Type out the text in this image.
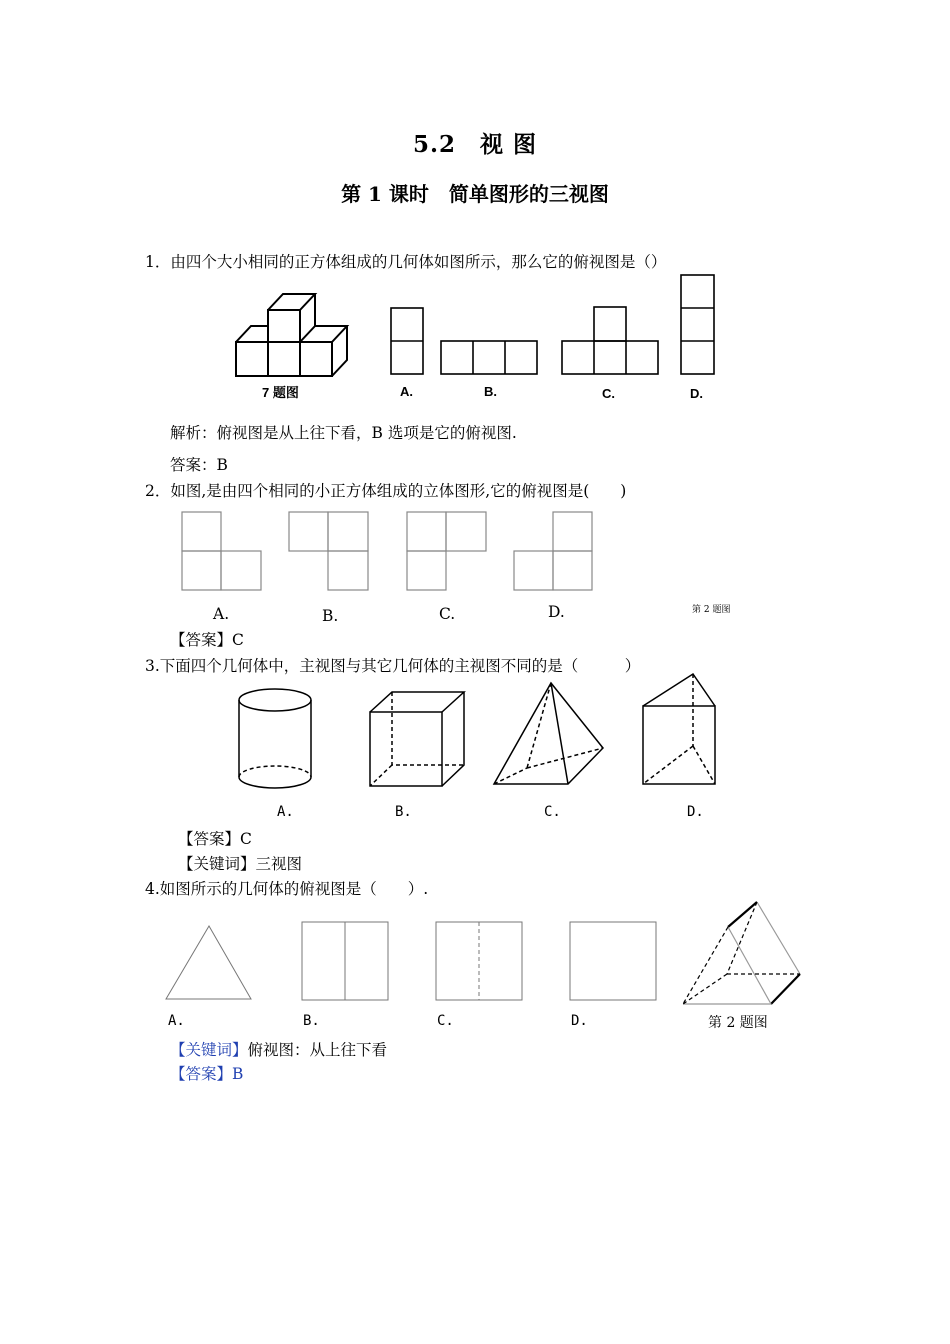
5.2　视 图
第 1 课时　简单图形的三视图
1．由四个大小相同的正方体组成的几何体如图所示，那么它的俯视图是（）
7 题图	A.	B.	C.	D.
解析：俯视图是从上往下看，B 选项是它的俯视图.
答案：B
2．如图,是由四个相同的小正方体组成的立体图形,它的俯视图是(　　)
A.	B.	C.	D.	第 2 题图
【答案】C
3.下面四个几何体中，主视图与其它几何体的主视图不同的是（　　　）
A.	B.	C.	D.
【答案】C
【关键词】三视图
4.如图所示的几何体的俯视图是（　　）.
A.	B.	C.	D.	第 2 题图
【关键词】俯视图：从上往下看
【答案】B
